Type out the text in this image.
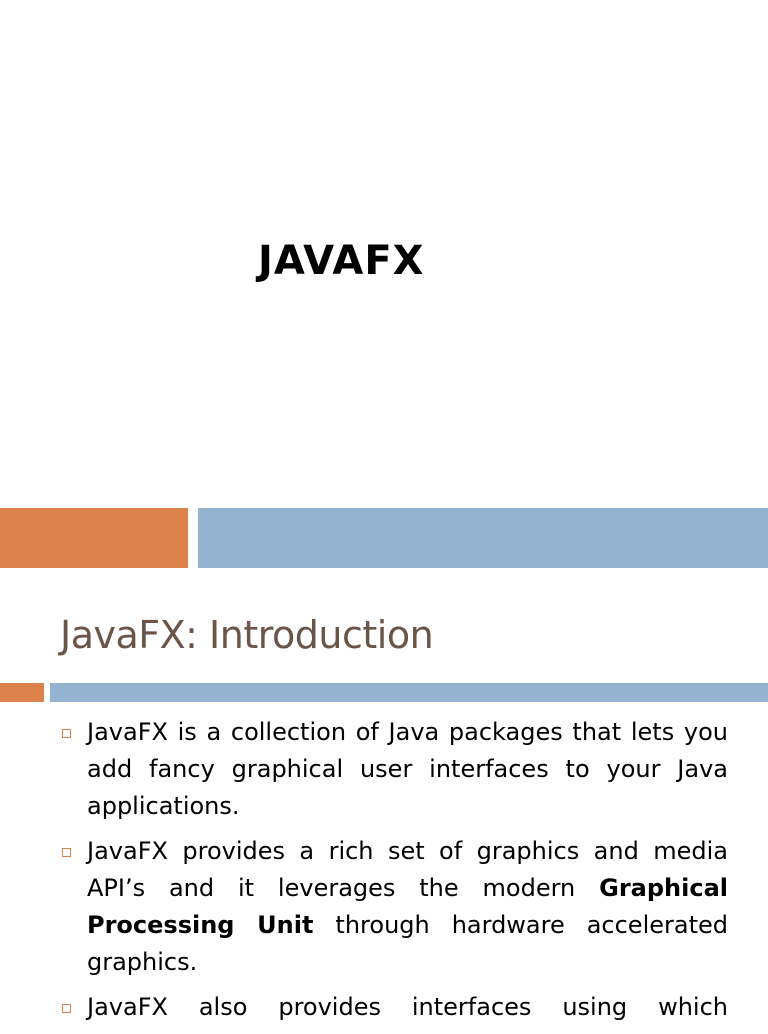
JAVAFX
JavaFX: Introduction
JavaFX is a collection of Java packages that lets you add fancy graphical user interfaces to your Java applications.
JavaFX provides a rich set of graphics and media API’s and it leverages the modern Graphical Processing Unit through hardware accelerated graphics.
JavaFX also provides interfaces using which
